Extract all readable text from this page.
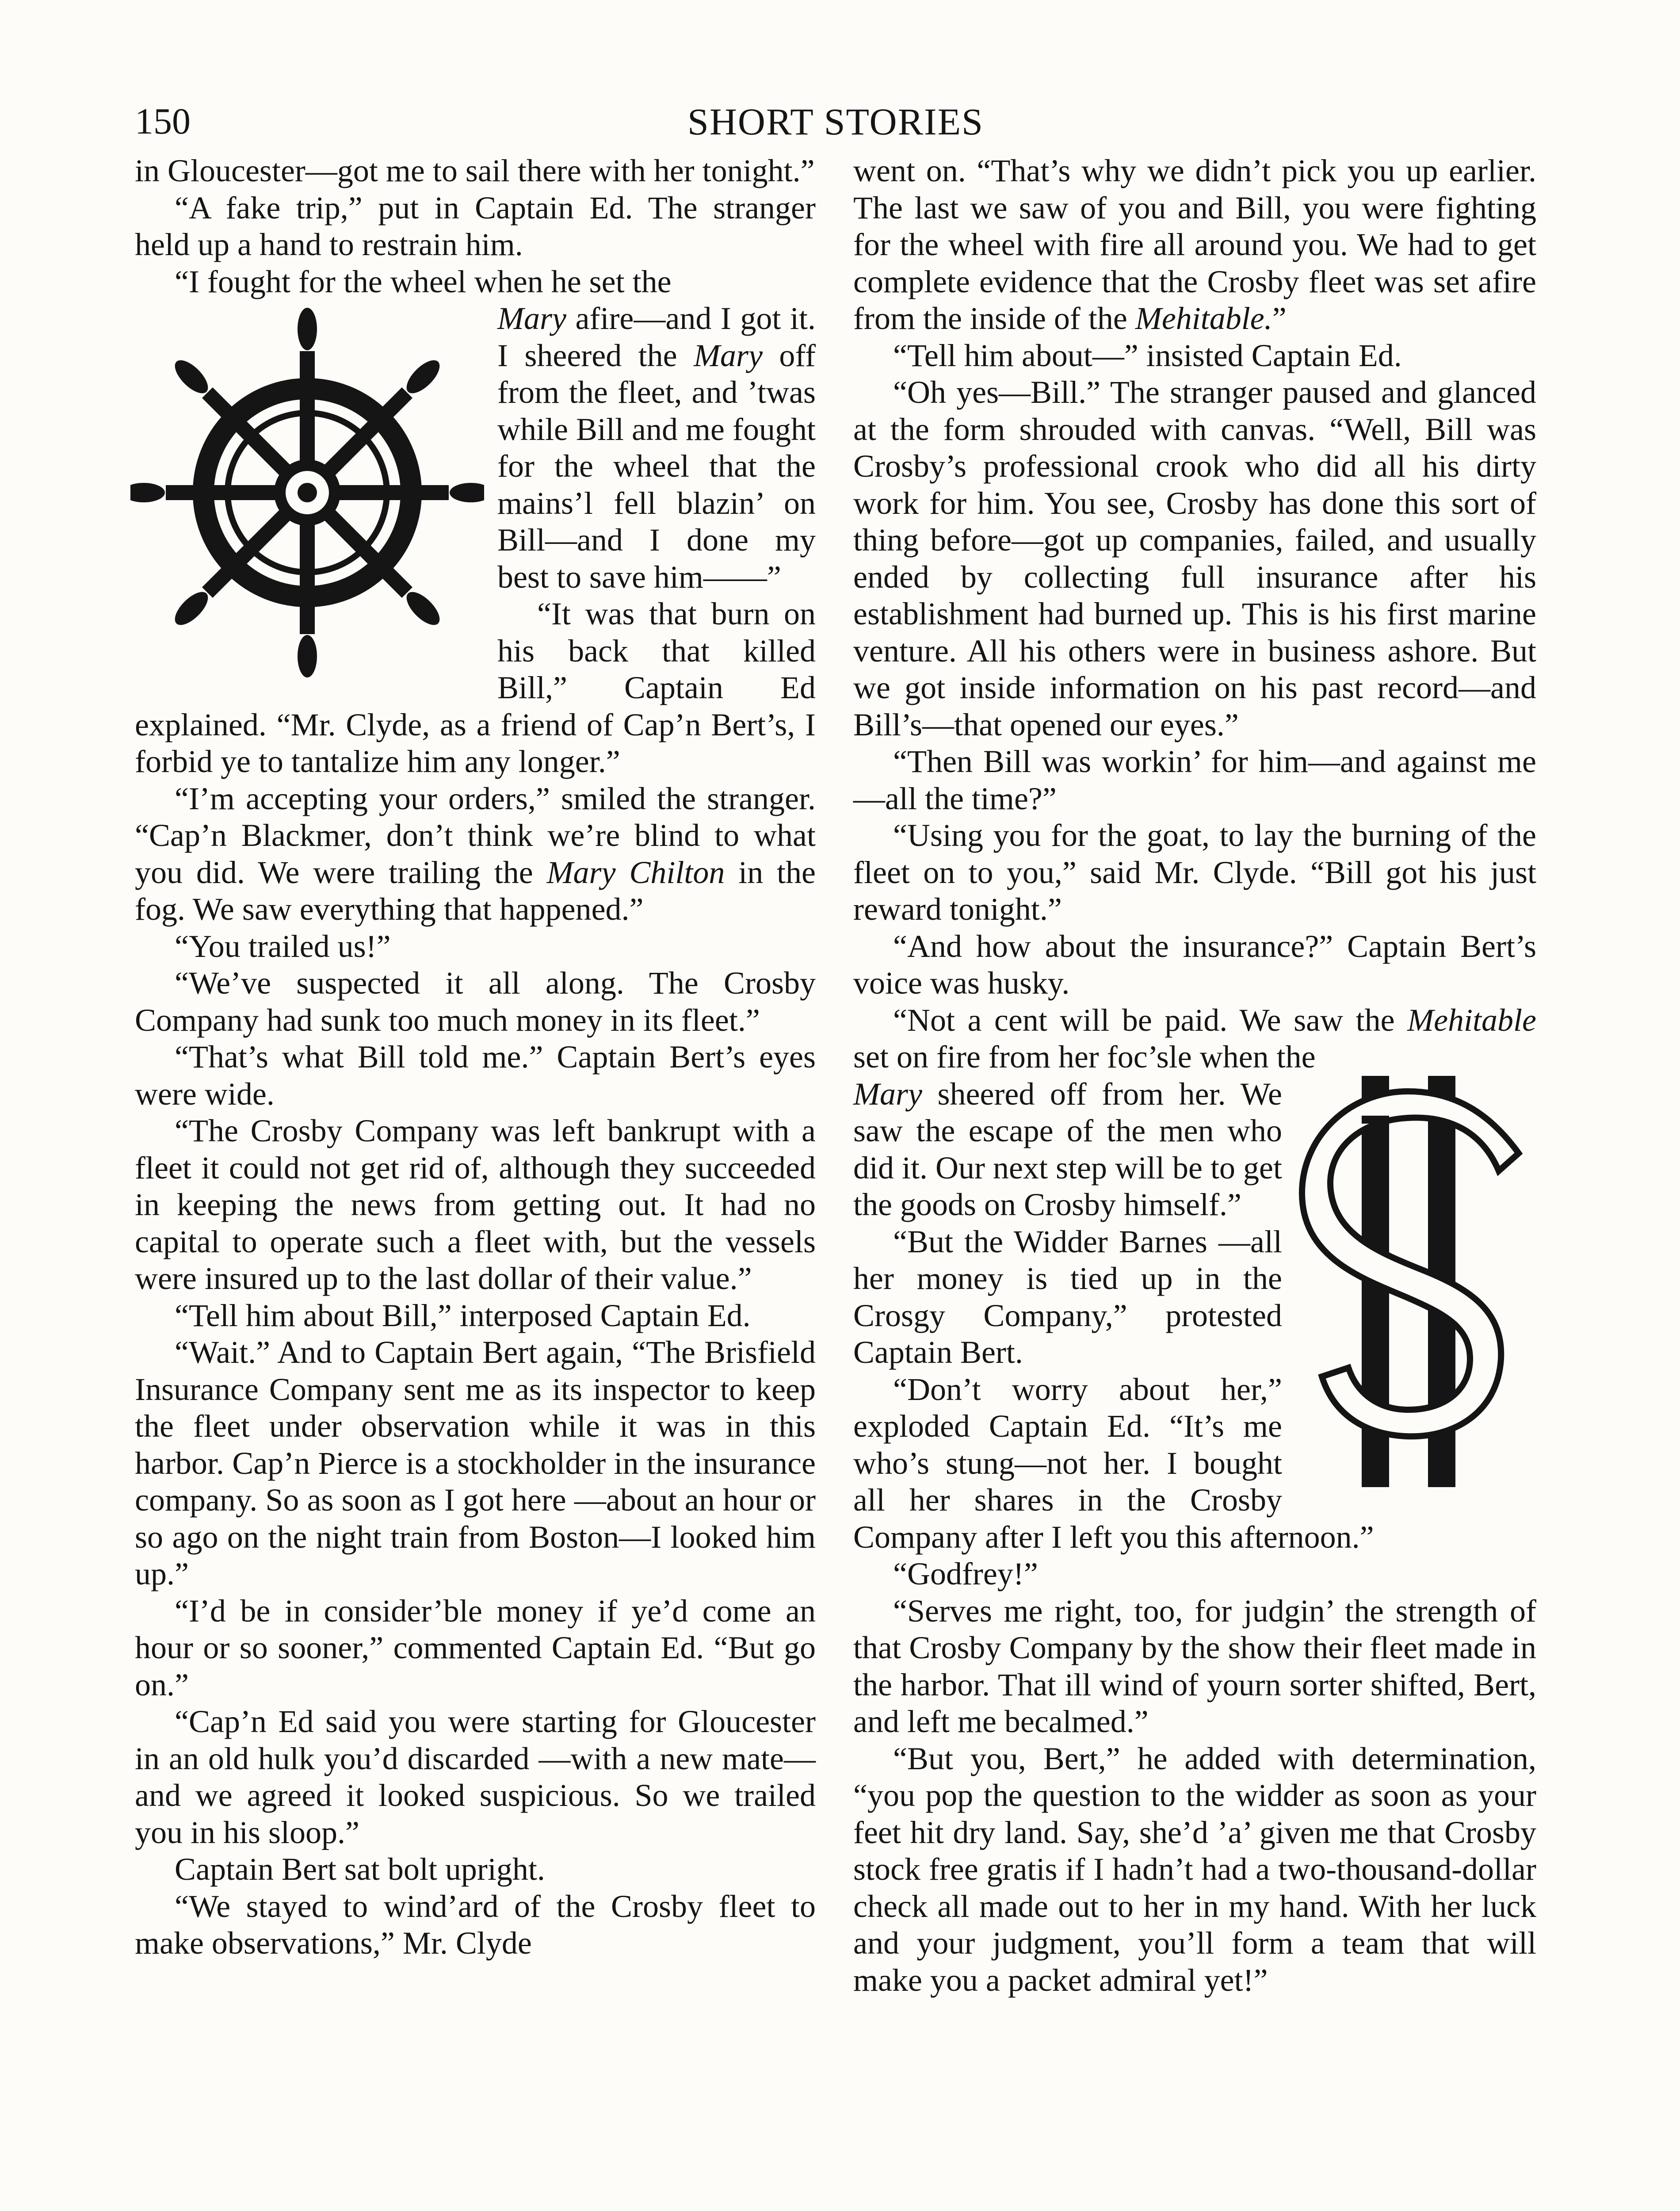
150	SHORT STORIES

in Gloucester—got me to sail there with her tonight.”

“A fake trip,” put in Captain Ed. The stranger held up a hand to restrain him.

“I fought for the wheel when he set the

Mary afire—and I got it. I sheered the Mary off from the fleet, and ’twas while Bill and me fought for the wheel that the mains’l fell blazin’ on Bill—and I done my best to save him——”

“It was that burn on his back that killed Bill,” Captain Ed explained. “Mr. Clyde, as a friend of Cap’n Bert’s, I forbid ye to tantalize him any longer.”

“I’m accepting your orders,” smiled the stranger. “Cap’n Blackmer, don’t think we’re blind to what you did. We were trailing the Mary Chilton in the fog. We saw everything that happened.”

“You trailed us!”

“We’ve suspected it all along. The Crosby Company had sunk too much money in its fleet.”

“That’s what Bill told me.” Captain Bert’s eyes were wide.

“The Crosby Company was left bankrupt with a fleet it could not get rid of, although they succeeded in keeping the news from getting out. It had no capital to operate such a fleet with, but the vessels were insured up to the last dollar of their value.”

“Tell him about Bill,” interposed Captain Ed.

“Wait.” And to Captain Bert again, “The Brisfield Insurance Company sent me as its inspector to keep the fleet under observation while it was in this harbor. Cap’n Pierce is a stockholder in the insurance company. So as soon as I got here —about an hour or so ago on the night train from Boston—I looked him up.”

“I’d be in consider’ble money if ye’d come an hour or so sooner,” commented Captain Ed. “But go on.”

“Cap’n Ed said you were starting for Gloucester in an old hulk you’d discarded —with a new mate—and we agreed it looked suspicious. So we trailed you in his sloop.”

Captain Bert sat bolt upright.

“We stayed to wind’ard of the Crosby fleet to make observations,” Mr. Clyde

went on. “That’s why we didn’t pick you up earlier. The last we saw of you and Bill, you were fighting for the wheel with fire all around you. We had to get complete evidence that the Crosby fleet was set afire from the inside of the Mehitable.”

“Tell him about—” insisted Captain Ed.

“Oh yes—Bill.” The stranger paused and glanced at the form shrouded with canvas. “Well, Bill was Crosby’s professional crook who did all his dirty work for him. You see, Crosby has done this sort of thing before—got up companies, failed, and usually ended by collecting full insurance after his establishment had burned up. This is his first marine venture. All his others were in business ashore. But we got inside information on his past record—and Bill’s—that opened our eyes.”

“Then Bill was workin’ for him—and against me—all the time?”

“Using you for the goat, to lay the burning of the fleet on to you,” said Mr. Clyde. “Bill got his just reward tonight.”

“And how about the insurance?” Captain Bert’s voice was husky.

“Not a cent will be paid. We saw the Mehitable set on fire from her foc’sle when the

Mary sheered off from her. We saw the escape of the men who did it. Our next step will be to get the goods on Crosby himself.”

“But the Widder Barnes —all her money is tied up in the Crosgy Company,” protested Captain Bert.

“Don’t worry about her,” exploded Captain Ed. “It’s me who’s stung—not her. I bought all her shares in the Crosby Company after I left you this afternoon.”

“Godfrey!”

“Serves me right, too, for judgin’ the strength of that Crosby Company by the show their fleet made in the harbor. That ill wind of yourn sorter shifted, Bert, and left me becalmed.”

“But you, Bert,” he added with determination, “you pop the question to the widder as soon as your feet hit dry land. Say, she’d ’a’ given me that Crosby stock free gratis if I hadn’t had a two-thousand-dollar check all made out to her in my hand. With her luck and your judgment, you’ll form a team that will make you a packet admiral yet!”
